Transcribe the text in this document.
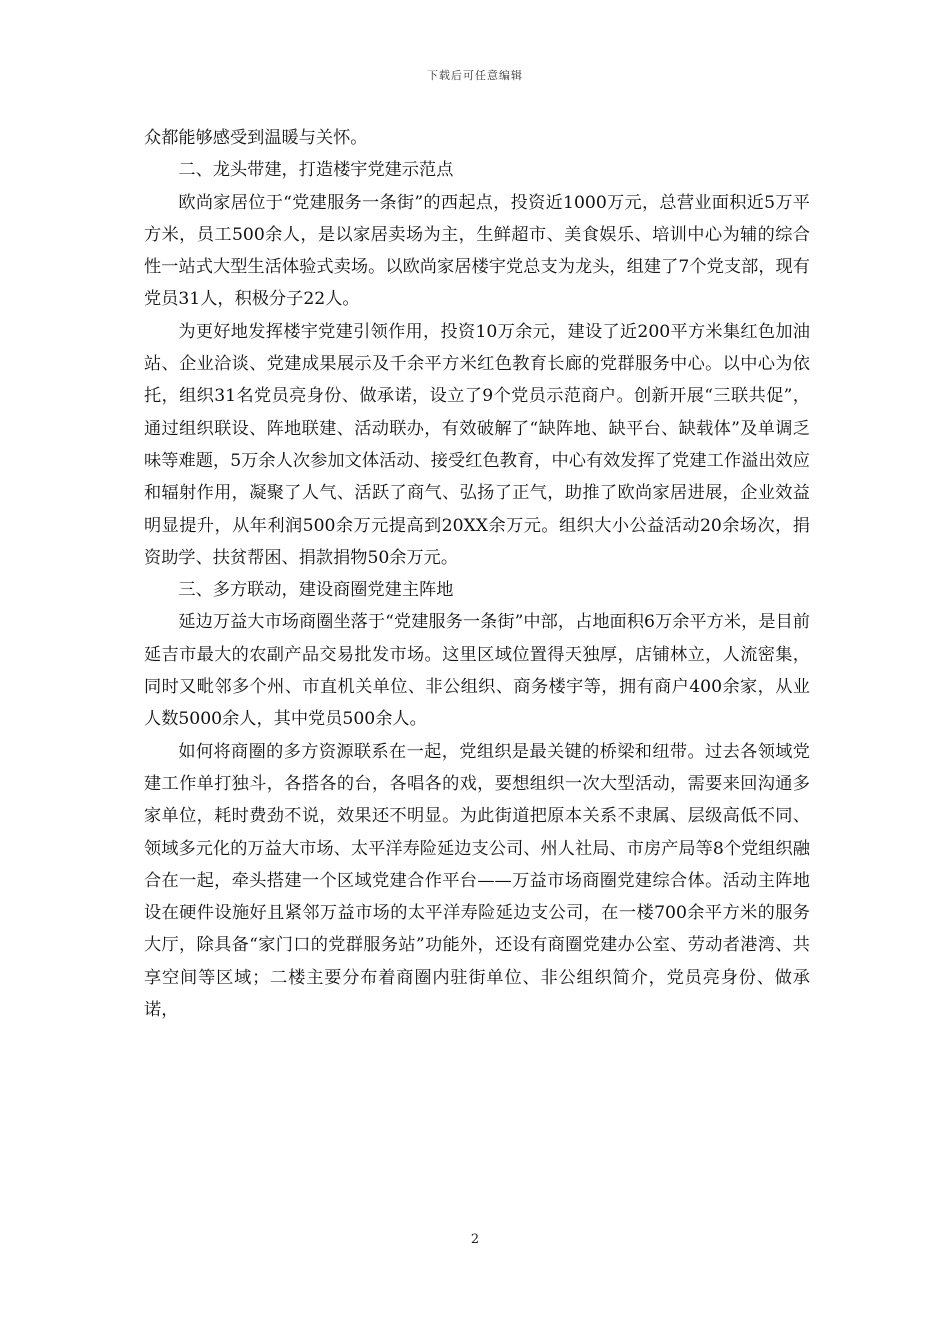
下载后可任意编辑

众都能够感受到温暖与关怀。

二、龙头带建，打造楼宇党建示范点

欧尚家居位于“党建服务一条街”的西起点，投资近1000万元，总营业面积近5万平方米，员工500余人，是以家居卖场为主，生鲜超市、美食娱乐、培训中心为辅的综合性一站式大型生活体验式卖场。以欧尚家居楼宇党总支为龙头，组建了7个党支部，现有党员31人，积极分子22人。

为更好地发挥楼宇党建引领作用，投资10万余元，建设了近200平方米集红色加油站、企业洽谈、党建成果展示及千余平方米红色教育长廊的党群服务中心。以中心为依托，组织31名党员亮身份、做承诺，设立了9个党员示范商户。创新开展“三联共促”，通过组织联设、阵地联建、活动联办，有效破解了“缺阵地、缺平台、缺载体”及单调乏味等难题，5万余人次参加文体活动、接受红色教育，中心有效发挥了党建工作溢出效应和辐射作用，凝聚了人气、活跃了商气、弘扬了正气，助推了欧尚家居进展，企业效益明显提升，从年利润500余万元提高到20XX余万元。组织大小公益活动20余场次，捐资助学、扶贫帮困、捐款捐物50余万元。

三、多方联动，建设商圈党建主阵地

延边万益大市场商圈坐落于“党建服务一条街”中部，占地面积6万余平方米，是目前延吉市最大的农副产品交易批发市场。这里区域位置得天独厚，店铺林立，人流密集，同时又毗邻多个州、市直机关单位、非公组织、商务楼宇等，拥有商户400余家，从业人数5000余人，其中党员500余人。

如何将商圈的多方资源联系在一起，党组织是最关键的桥梁和纽带。过去各领域党建工作单打独斗，各搭各的台，各唱各的戏，要想组织一次大型活动，需要来回沟通多家单位，耗时费劲不说，效果还不明显。为此街道把原本关系不隶属、层级高低不同、领域多元化的万益大市场、太平洋寿险延边支公司、州人社局、市房产局等8个党组织融合在一起，牵头搭建一个区域党建合作平台——万益市场商圈党建综合体。活动主阵地设在硬件设施好且紧邻万益市场的太平洋寿险延边支公司，在一楼700余平方米的服务大厅，除具备“家门口的党群服务站”功能外，还设有商圈党建办公室、劳动者港湾、共享空间等区域；二楼主要分布着商圈内驻街单位、非公组织简介，党员亮身份、做承诺，

2
